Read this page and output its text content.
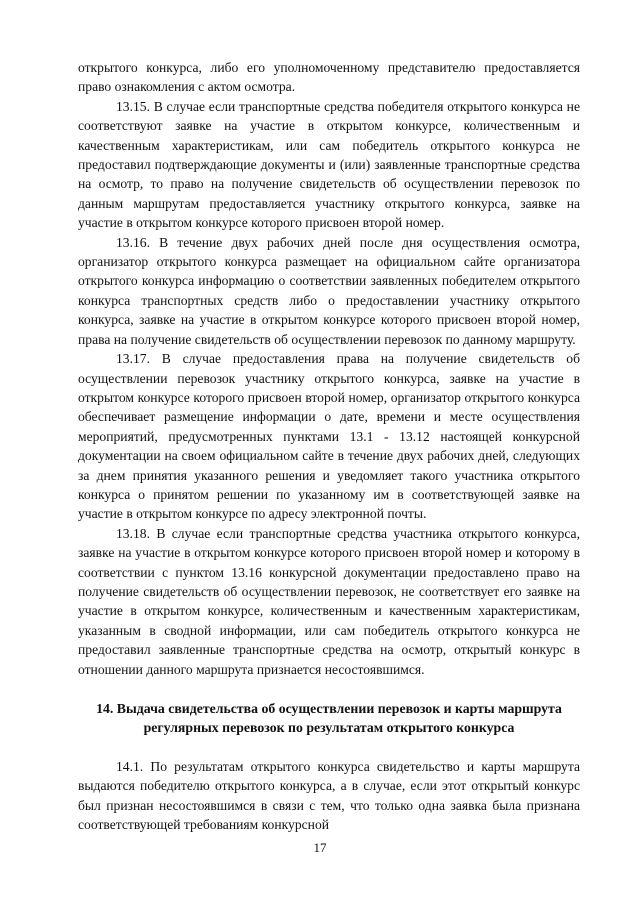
открытого конкурса, либо его уполномоченному представителю предоставляется право ознакомления с актом осмотра.

13.15. В случае если транспортные средства победителя открытого конкурса не соответствуют заявке на участие в открытом конкурсе, количественным и качественным характеристикам, или сам победитель открытого конкурса не предоставил подтверждающие документы и (или) заявленные транспортные средства на осмотр, то право на получение свидетельств об осуществлении перевозок по данным маршрутам предоставляется участнику открытого конкурса, заявке на участие в открытом конкурсе которого присвоен второй номер.

13.16. В течение двух рабочих дней после дня осуществления осмотра, организатор открытого конкурса размещает на официальном сайте организатора открытого конкурса информацию о соответствии заявленных победителем открытого конкурса транспортных средств либо о предоставлении участнику открытого конкурса, заявке на участие в открытом конкурсе которого присвоен второй номер, права на получение свидетельств об осуществлении перевозок по данному маршруту.

13.17. В случае предоставления права на получение свидетельств об осуществлении перевозок участнику открытого конкурса, заявке на участие в открытом конкурсе которого присвоен второй номер, организатор открытого конкурса обеспечивает размещение информации о дате, времени и месте осуществления мероприятий, предусмотренных пунктами 13.1 - 13.12 настоящей конкурсной документации на своем официальном сайте в течение двух рабочих дней, следующих за днем принятия указанного решения и уведомляет такого участника открытого конкурса о принятом решении по указанному им в соответствующей заявке на участие в открытом конкурсе по адресу электронной почты.

13.18. В случае если транспортные средства участника открытого конкурса, заявке на участие в открытом конкурсе которого присвоен второй номер и которому в соответствии с пунктом 13.16 конкурсной документации предоставлено право на получение свидетельств об осуществлении перевозок, не соответствует его заявке на участие в открытом конкурсе, количественным и качественным характеристикам, указанным в сводной информации, или сам победитель открытого конкурса не предоставил заявленные транспортные средства на осмотр, открытый конкурс в отношении данного маршрута признается несостоявшимся.

14. Выдача свидетельства об осуществлении перевозок и карты маршрута регулярных перевозок по результатам открытого конкурса

14.1. По результатам открытого конкурса свидетельство и карты маршрута выдаются победителю открытого конкурса, а в случае, если этот открытый конкурс был признан несостоявшимся в связи с тем, что только одна заявка была признана соответствующей требованиям конкурсной

17
